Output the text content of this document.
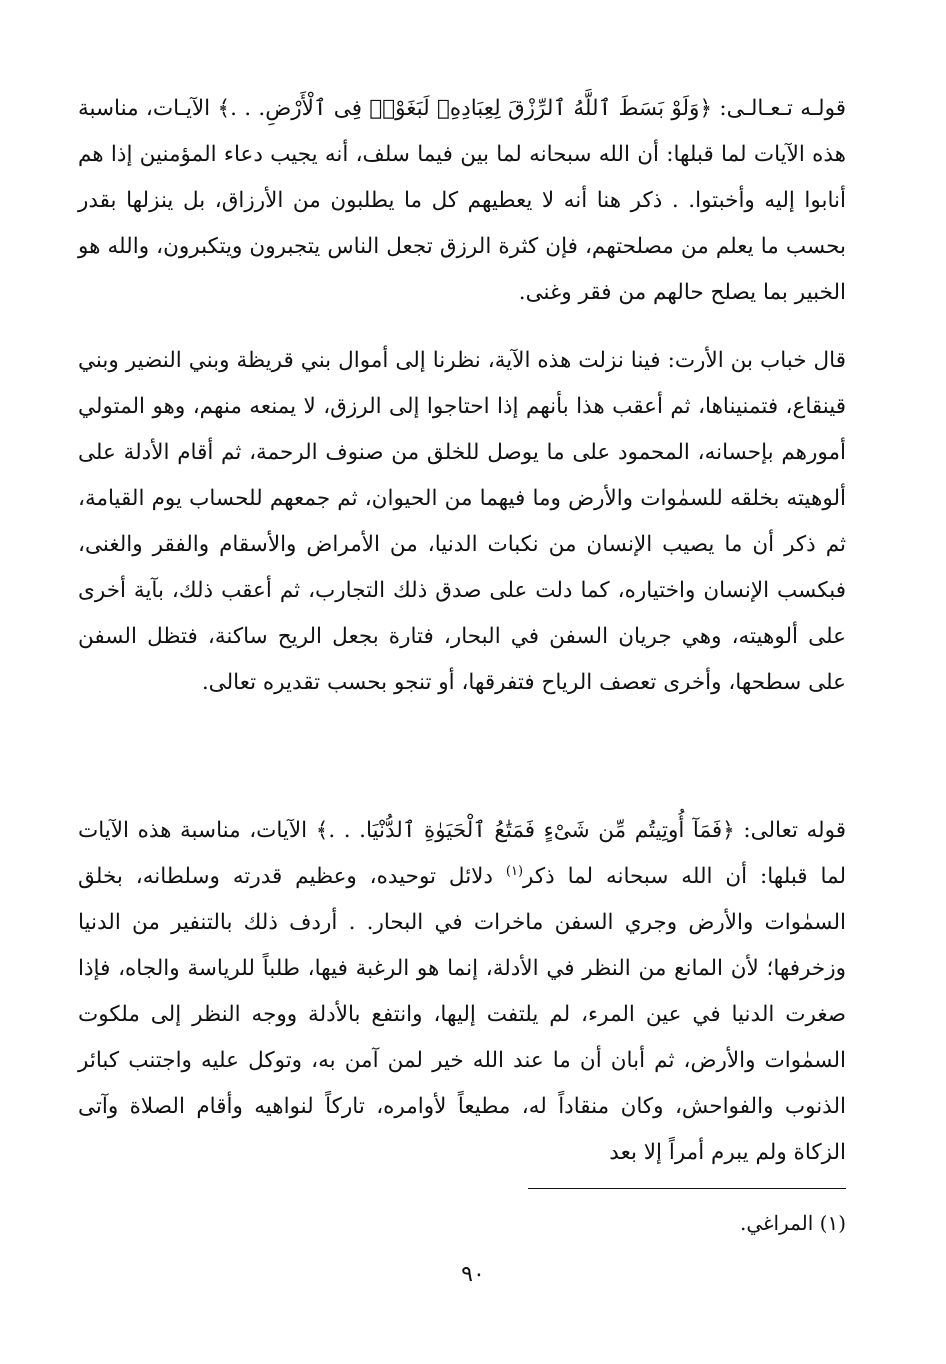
قولـه تـعـالـى: ﴿وَلَوْ بَسَطَ ٱللَّهُ ٱلرِّزْقَ لِعِبَادِهِۦ لَبَغَوْا۟ فِى ٱلْأَرْضِ. . .﴾ الآيـات، مناسبة هذه الآيات لما قبلها: أن الله سبحانه لما بين فيما سلف، أنه يجيب دعاء المؤمنين إذا هم أنابوا إليه وأخبتوا. . ذكر هنا أنه لا يعطيهم كل ما يطلبون من الأرزاق، بل ينزلها بقدر بحسب ما يعلم من مصلحتهم، فإن كثرة الرزق تجعل الناس يتجبرون ويتكبرون، والله هو الخبير بما يصلح حالهم من فقر وغنى.

قال خباب بن الأرت: فينا نزلت هذه الآية، نظرنا إلى أموال بني قريظة وبني النضير وبني قينقاع، فتمنيناها، ثم أعقب هذا بأنهم إذا احتاجوا إلى الرزق، لا يمنعه منهم، وهو المتولي أمورهم بإحسانه، المحمود على ما يوصل للخلق من صنوف الرحمة، ثم أقام الأدلة على ألوهيته بخلقه للسمٰوات والأرض وما فيهما من الحيوان، ثم جمعهم للحساب يوم القيامة، ثم ذكر أن ما يصيب الإنسان من نكبات الدنيا، من الأمراض والأسقام والفقر والغنى، فبكسب الإنسان واختياره، كما دلت على صدق ذلك التجارب، ثم أعقب ذلك، بآية أخرى على ألوهيته، وهي جريان السفن في البحار، فتارة بجعل الريح ساكنة، فتظل السفن على سطحها، وأخرى تعصف الرياح فتفرقها، أو تنجو بحسب تقديره تعالى.

قوله تعالى: ﴿فَمَآ أُوتِيتُم مِّن شَىْءٍ فَمَتَٰعُ ٱلْحَيَوٰةِ ٱلدُّنْيَا. . .﴾ الآيات، مناسبة هذه الآيات لما قبلها: أن الله سبحانه لما ذكر$^{(١)}$ دلائل توحيده، وعظيم قدرته وسلطانه، بخلق السمٰوات والأرض وجري السفن ماخرات في البحار. . أردف ذلك بالتنفير من الدنيا وزخرفها؛ لأن المانع من النظر في الأدلة، إنما هو الرغبة فيها، طلباً للرياسة والجاه، فإذا صغرت الدنيا في عين المرء، لم يلتفت إليها، وانتفع بالأدلة ووجه النظر إلى ملكوت السمٰوات والأرض، ثم أبان أن ما عند الله خير لمن آمن به، وتوكل عليه واجتنب كبائر الذنوب والفواحش، وكان منقاداً له، مطيعاً لأوامره، تاركاً لنواهيه وأقام الصلاة وآتى الزكاة ولم يبرم أمراً إلا بعد

(١) المراغي.
٩٠
